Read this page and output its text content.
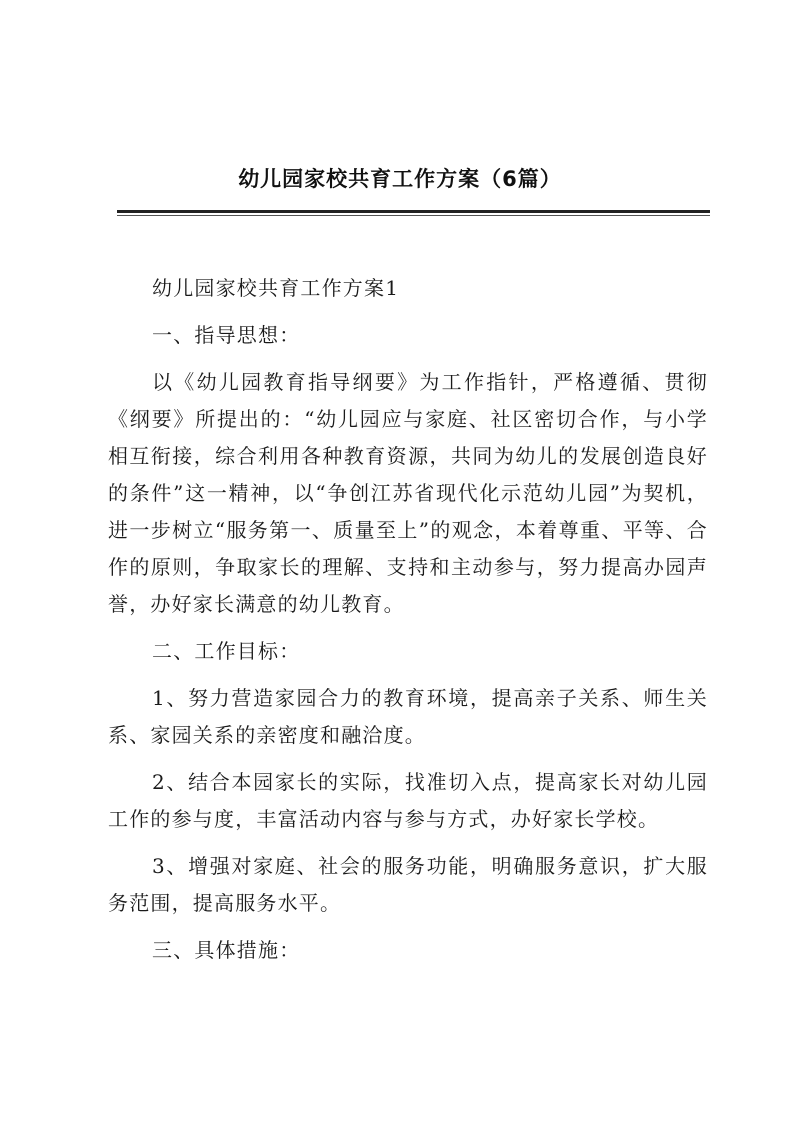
幼儿园家校共育工作方案（6篇）

幼儿园家校共育工作方案1

一、指导思想：

以《幼儿园教育指导纲要》为工作指针，严格遵循、贯彻《纲要》所提出的：“幼儿园应与家庭、社区密切合作，与小学相互衔接，综合利用各种教育资源，共同为幼儿的发展创造良好的条件”这一精神，以“争创江苏省现代化示范幼儿园”为契机，进一步树立“服务第一、质量至上”的观念，本着尊重、平等、合作的原则，争取家长的理解、支持和主动参与，努力提高办园声誉，办好家长满意的幼儿教育。

二、工作目标：

1、努力营造家园合力的教育环境，提高亲子关系、师生关系、家园关系的亲密度和融洽度。

2、结合本园家长的实际，找准切入点，提高家长对幼儿园工作的参与度，丰富活动内容与参与方式，办好家长学校。

3、增强对家庭、社会的服务功能，明确服务意识，扩大服务范围，提高服务水平。

三、具体措施：
